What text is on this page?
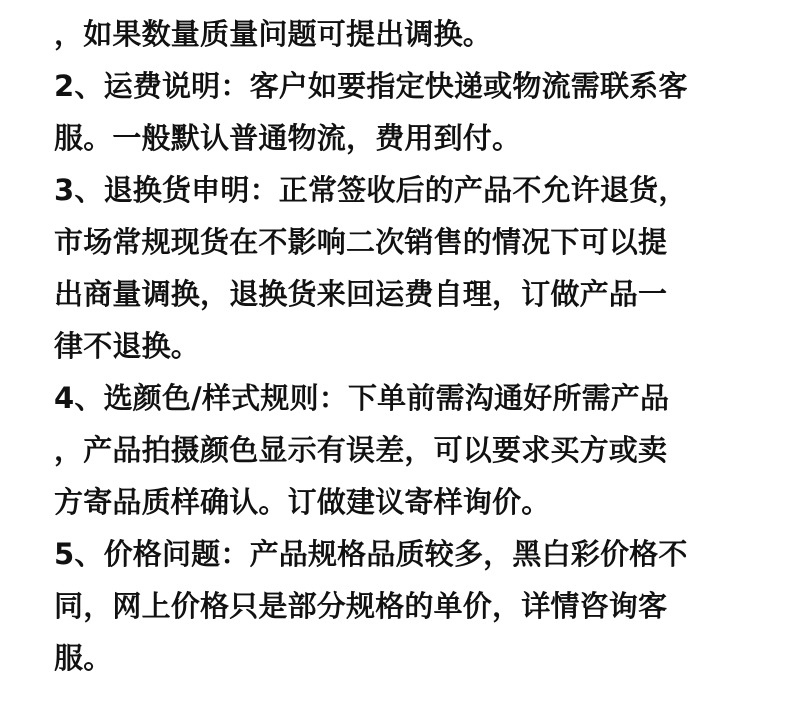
，如果数量质量问题可提出调换。
2、运费说明：客户如要指定快递或物流需联系客
服。一般默认普通物流，费用到付。
3、退换货申明：正常签收后的产品不允许退货，
市场常规现货在不影响二次销售的情况下可以提
出商量调换，退换货来回运费自理，订做产品一
律不退换。
4、选颜色/样式规则：下单前需沟通好所需产品
，产品拍摄颜色显示有误差，可以要求买方或卖
方寄品质样确认。订做建议寄样询价。
5、价格问题：产品规格品质较多，黑白彩价格不
同，网上价格只是部分规格的单价，详情咨询客
服。
